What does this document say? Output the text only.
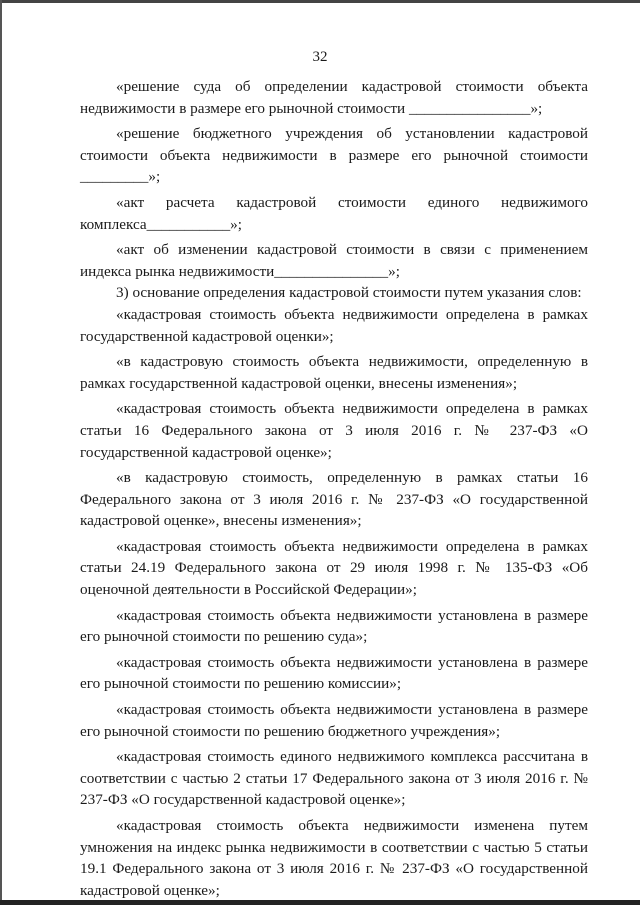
32

«решение суда об определении кадастровой стоимости объекта недвижимости в размере его рыночной стоимости ________________»;

«решение бюджетного учреждения об установлении кадастровой стоимости объекта недвижимости в размере его рыночной стоимости _________»;

«акт расчета кадастровой стоимости единого недвижимого комплекса___________»;

«акт об изменении кадастровой стоимости в связи с применением индекса рынка недвижимости_______________»;

3) основание определения кадастровой стоимости путем указания слов:

«кадастровая стоимость объекта недвижимости определена в рамках государственной кадастровой оценки»;

«в кадастровую стоимость объекта недвижимости, определенную в рамках государственной кадастровой оценки, внесены изменения»;

«кадастровая стоимость объекта недвижимости определена в рамках статьи 16 Федерального закона от 3 июля 2016 г. № 237-ФЗ «О государственной кадастровой оценке»;

«в кадастровую стоимость, определенную в рамках статьи 16 Федерального закона от 3 июля 2016 г. № 237-ФЗ «О государственной кадастровой оценке», внесены изменения»;

«кадастровая стоимость объекта недвижимости определена в рамках статьи 24.19 Федерального закона от 29 июля 1998 г. № 135-ФЗ «Об оценочной деятельности в Российской Федерации»;

«кадастровая стоимость объекта недвижимости установлена в размере его рыночной стоимости по решению суда»;

«кадастровая стоимость объекта недвижимости установлена в размере его рыночной стоимости по решению комиссии»;

«кадастровая стоимость объекта недвижимости установлена в размере его рыночной стоимости по решению бюджетного учреждения»;

«кадастровая стоимость единого недвижимого комплекса рассчитана в соответствии с частью 2 статьи 17 Федерального закона от 3 июля 2016 г. № 237-ФЗ «О государственной кадастровой оценке»;

«кадастровая стоимость объекта недвижимости изменена путем умножения на индекс рынка недвижимости в соответствии с частью 5 статьи 19.1 Федерального закона от 3 июля 2016 г. № 237-ФЗ «О государственной кадастровой оценке»;
